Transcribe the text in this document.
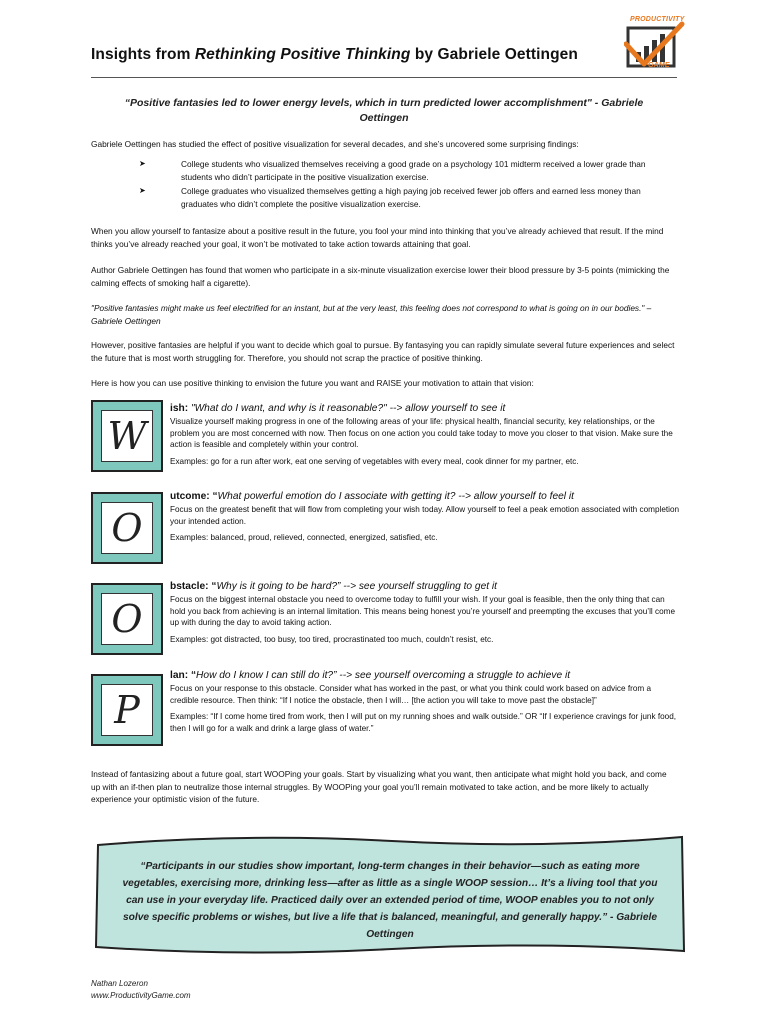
Insights from Rethinking Positive Thinking by Gabriele Oettingen
PRODUCTIVITY
GAME
“Positive fantasies led to lower energy levels, which in turn predicted lower accomplishment" - Gabriele Oettingen
Gabriele Oettingen has studied the effect of positive visualization for several decades, and she’s uncovered some surprising findings:
➤	College students who visualized themselves receiving a good grade on a psychology 101 midterm received a lower grade than students who didn’t participate in the positive visualization exercise.
➤	College graduates who visualized themselves getting a high paying job received fewer job offers and earned less money than graduates who didn’t complete the positive visualization exercise.
When you allow yourself to fantasize about a positive result in the future, you fool your mind into thinking that you’ve already achieved that result. If the mind thinks you’ve already reached your goal, it won’t be motivated to take action towards attaining that goal.
Author Gabriele Oettingen has found that women who participate in a six-minute visualization exercise lower their blood pressure by 3-5 points (mimicking the calming effects of smoking half a cigarette).
"Positive fantasies might make us feel electrified for an instant, but at the very least, this feeling does not correspond to what is going on in our bodies." – Gabriele Oettingen
However, positive fantasies are helpful if you want to decide which goal to pursue. By fantasying you can rapidly simulate several future experiences and select the future that is most worth struggling for. Therefore, you should not scrap the practice of positive thinking.
Here is how you can use positive thinking to envision the future you want and RAISE your motivation to attain that vision:
W
O
O
P
ish: "What do I want, and why is it reasonable?" --> allow yourself to see it
Visualize yourself making progress in one of the following areas of your life: physical health, financial security, key relationships, or the problem you are most concerned with now. Then focus on one action you could take today to move you closer to that vision. Make sure the action is feasible and completely within your control.
Examples: go for a run after work, eat one serving of vegetables with every meal, cook dinner for my partner, etc.
utcome: “What powerful emotion do I associate with getting it? --> allow yourself to feel it
Focus on the greatest benefit that will flow from completing your wish today. Allow yourself to feel a peak emotion associated with completion your intended action.
Examples: balanced, proud, relieved, connected, energized, satisfied, etc.
bstacle: “Why is it going to be hard?” --> see yourself struggling to get it
Focus on the biggest internal obstacle you need to overcome today to fulfill your wish. If your goal is feasible, then the only thing that can hold you back from achieving is an internal limitation. This means being honest you’re yourself and preempting the excuses that you’ll come up with during the day to avoid taking action.
Examples: got distracted, too busy, too tired, procrastinated too much, couldn’t resist, etc.
lan: “How do I know I can still do it?” --> see yourself overcoming a struggle to achieve it
Focus on your response to this obstacle. Consider what has worked in the past, or what you think could work based on advice from a credible resource. Then think: “If I notice the obstacle, then I will… [the action you will take to move past the obstacle]”
Examples: “If I come home tired from work, then I will put on my running shoes and walk outside.” OR “If I experience cravings for junk food, then I will go for a walk and drink a large glass of water.”
Instead of fantasizing about a future goal, start WOOPing your goals. Start by visualizing what you want, then anticipate what might hold you back, and come up with an if-then plan to neutralize those internal struggles. By WOOPing your goal you’ll remain motivated to take action, and be more likely to actually experience your optimistic vision of the future.
“Participants in our studies show important, long-term changes in their behavior—such as eating more vegetables, exercising more, drinking less—after as little as a single WOOP session… It’s a living tool that you can use in your everyday life. Practiced daily over an extended period of time, WOOP enables you to not only solve specific problems or wishes, but live a life that is balanced, meaningful, and generally happy.” - Gabriele Oettingen
Nathan Lozeron
www.ProductivityGame.com
